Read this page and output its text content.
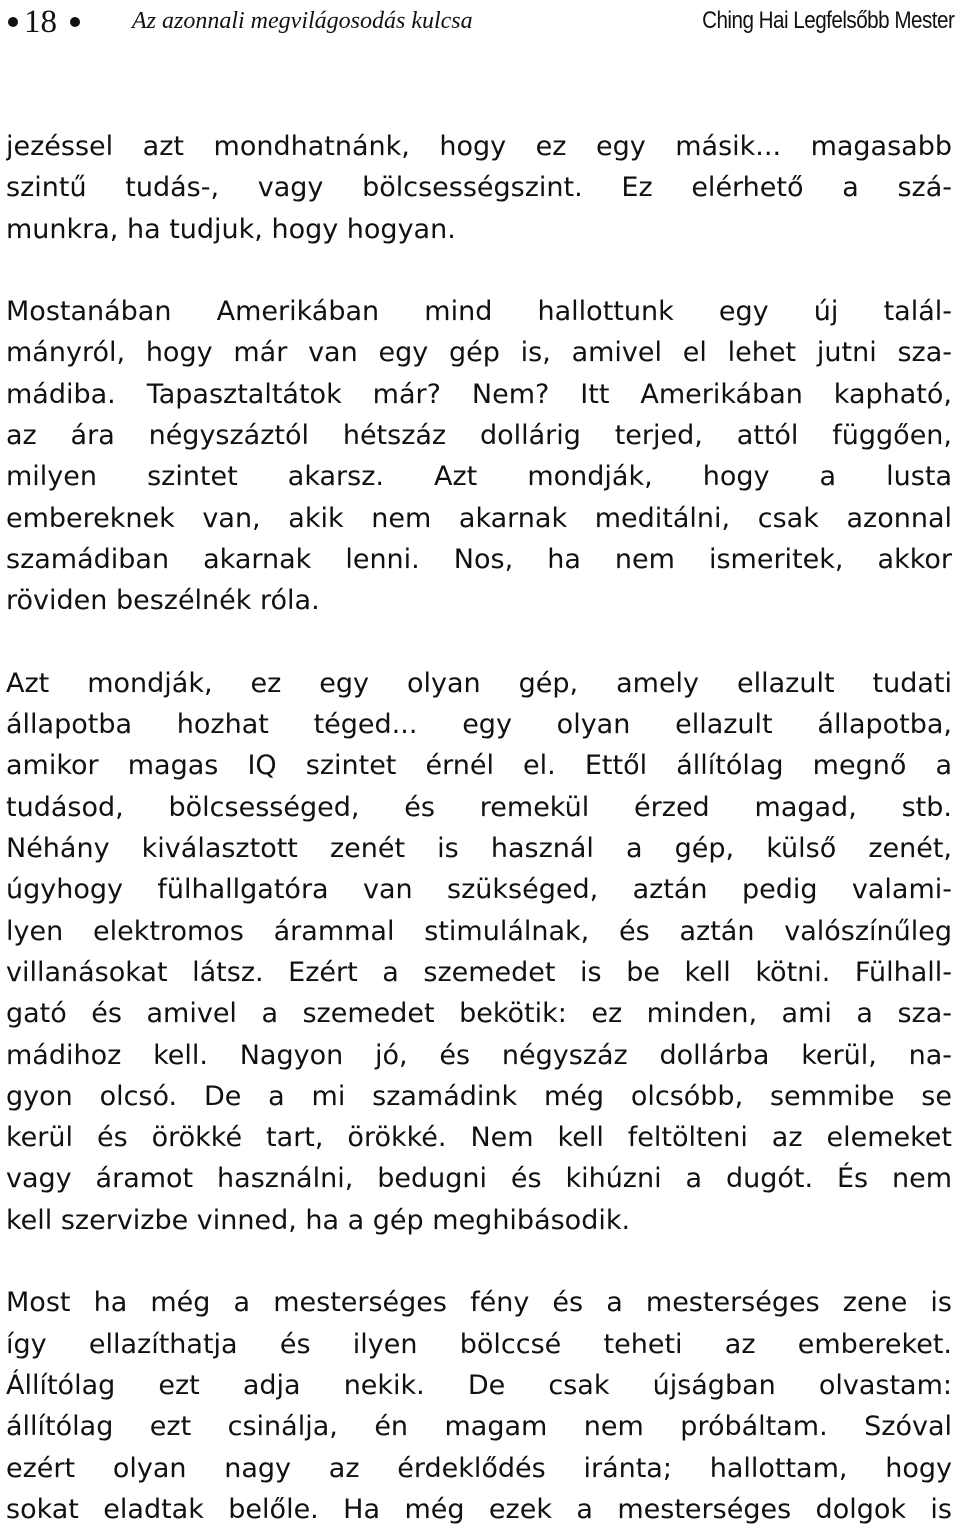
18	Az azonnali megvilágosodás kulcsa	Ching Hai Legfelsőbb Mester

jezéssel azt mondhatnánk, hogy ez egy másik... magasabb
szintű tudás-, vagy bölcsességszint. Ez elérhető a szá-
munkra, ha tudjuk, hogy hogyan.

Mostanában Amerikában mind hallottunk egy új talál-
mányról, hogy már van egy gép is, amivel el lehet jutni sza-
mádiba. Tapasztaltátok már? Nem? Itt Amerikában kapható,
az ára négyszáztól hétszáz dollárig terjed, attól függően,
milyen szintet akarsz. Azt mondják, hogy a lusta
embereknek van, akik nem akarnak meditálni, csak azonnal
szamádiban akarnak lenni. Nos, ha nem ismeritek, akkor
röviden beszélnék róla.

Azt mondják, ez egy olyan gép, amely ellazult tudati
állapotba hozhat téged... egy olyan ellazult állapotba,
amikor magas IQ szintet érnél el. Ettől állítólag megnő a
tudásod, bölcsességed, és remekül érzed magad, stb.
Néhány kiválasztott zenét is használ a gép, külső zenét,
úgyhogy fülhallgatóra van szükséged, aztán pedig valami-
lyen elektromos árammal stimulálnak, és aztán valószínűleg
villanásokat látsz. Ezért a szemedet is be kell kötni. Fülhall-
gató és amivel a szemedet bekötik: ez minden, ami a sza-
mádihoz kell. Nagyon jó, és négyszáz dollárba kerül, na-
gyon olcsó. De a mi szamádink még olcsóbb, semmibe se
kerül és örökké tart, örökké. Nem kell feltölteni az elemeket
vagy áramot használni, bedugni és kihúzni a dugót. És nem
kell szervizbe vinned, ha a gép meghibásodik.

Most ha még a mesterséges fény és a mesterséges zene is
így ellazíthatja és ilyen bölccsé teheti az embereket.
Állítólag ezt adja nekik. De csak újságban olvastam:
állítólag ezt csinálja, én magam nem próbáltam. Szóval
ezért olyan nagy az érdeklődés iránta; hallottam, hogy
sokat eladtak belőle. Ha még ezek a mesterséges dolgok is
